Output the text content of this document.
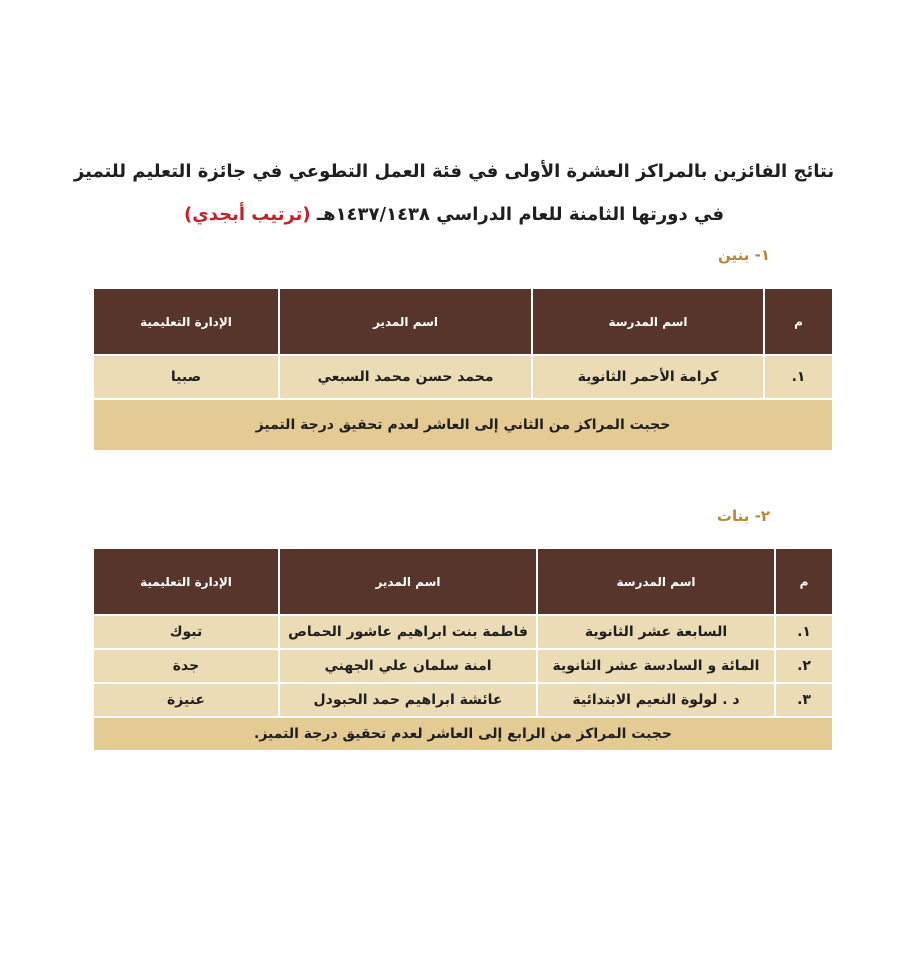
نتائج الفائزين بالمراكز العشرة الأولى في فئة العمل التطوعي في جائزة التعليم للتميز
في دورتها الثامنة للعام الدراسي ١٤٣٧/١٤٣٨هـ (ترتيب أبجدي)
١- بنين
م	اسم المدرسة	اسم المدير	الإدارة التعليمية
١.	كرامة الأحمر الثانوية	محمد حسن محمد السبعي	صبيا
حجبت المراكز من الثاني إلى العاشر لعدم تحقيق درجة التميز			
٢- بنات
م	اسم المدرسة	اسم المدير	الإدارة التعليمية
١.	السابعة عشر الثانوية	فاطمة بنت ابراهيم عاشور الحماص	تبوك
٢.	المائة و السادسة عشر الثانوية	امنة سلمان علي الجهني	جدة
٣.	د . لولوة النعيم الابتدائية	عائشة ابراهيم حمد الحبودل	عنيزة
حجبت المراكز من الرابع إلى العاشر لعدم تحقيق درجة التميز.			
